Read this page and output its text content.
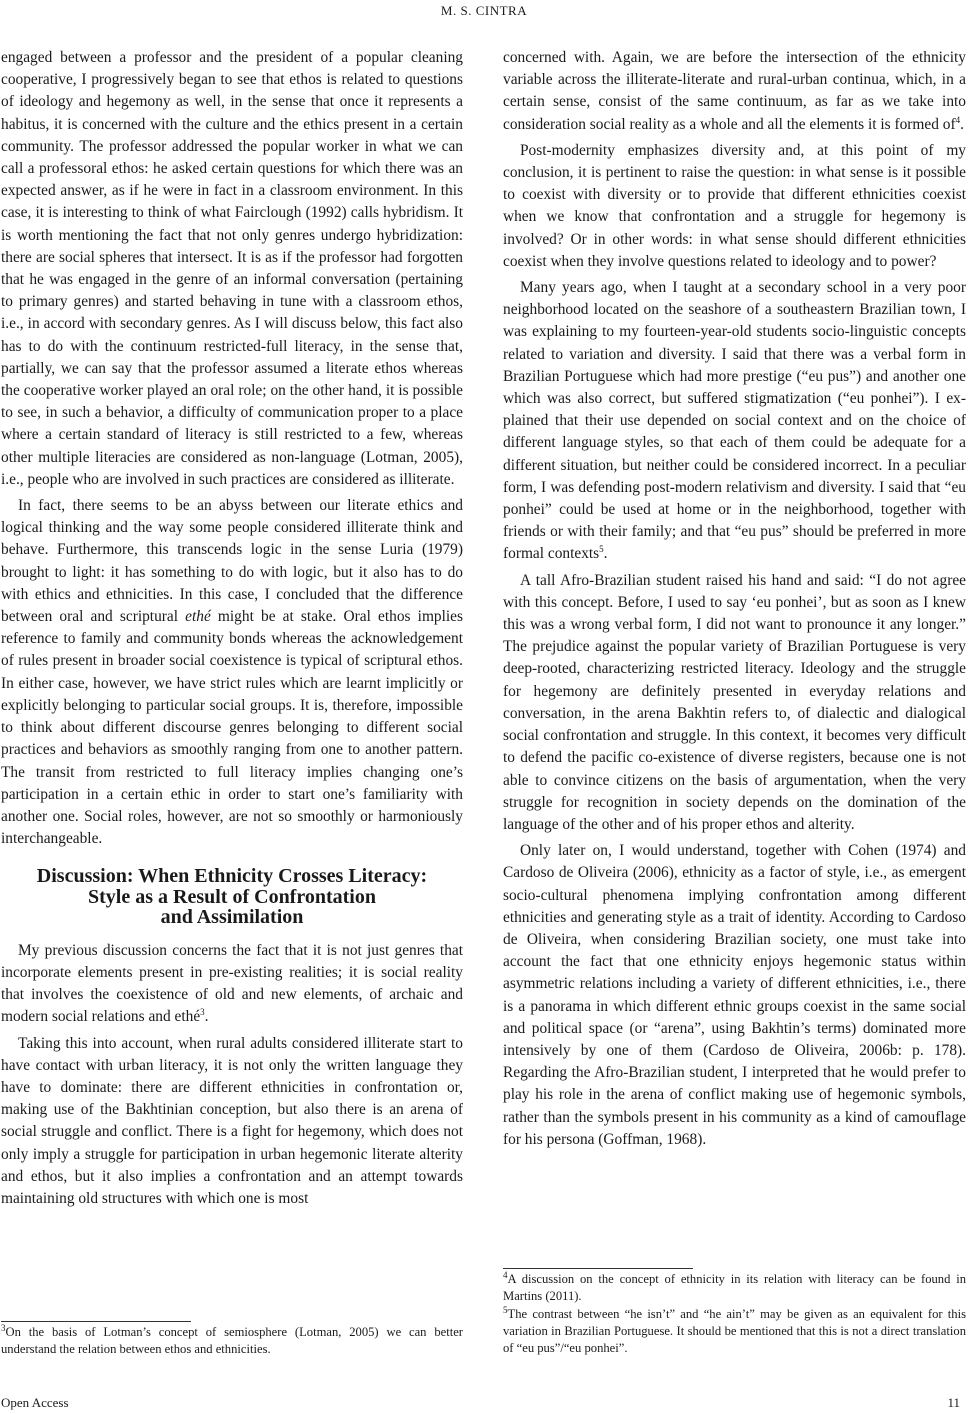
M. S. CINTRA

engaged between a professor and the president of a popular cleaning cooperative, I progressively began to see that ethos is related to questions of ideology and hegemony as well, in the sense that once it represents a habitus, it is concerned with the culture and the ethics present in a certain community. The professor addressed the popular worker in what we can call a professoral ethos: he asked certain questions for which there was an expected answer, as if he were in fact in a classroom environment. In this case, it is interesting to think of what Fairclough (1992) calls hybridism. It is worth mentioning the fact that not only genres undergo hybridization: there are social spheres that intersect. It is as if the professor had forgotten that he was engaged in the genre of an informal conversation (pertaining to primary genres) and started behaving in tune with a classroom ethos, i.e., in accord with secondary genres. As I will discuss below, this fact also has to do with the continuum restricted-full literacy, in the sense that, partially, we can say that the professor assumed a literate ethos whereas the cooperative worker played an oral role; on the other hand, it is possible to see, in such a behavior, a difficulty of communication proper to a place where a certain standard of literacy is still restricted to a few, whereas other multiple literacies are considered as non-language (Lotman, 2005), i.e., people who are involved in such practices are considered as illiterate.

In fact, there seems to be an abyss between our literate ethics and logical thinking and the way some people considered illiterate think and behave. Furthermore, this transcends logic in the sense Luria (1979) brought to light: it has something to do with logic, but it also has to do with ethics and ethnicities. In this case, I concluded that the difference between oral and scriptural ethé might be at stake. Oral ethos implies reference to family and community bonds whereas the acknowledgement of rules present in broader social coexistence is typical of scriptural ethos. In either case, however, we have strict rules which are learnt implicitly or explicitly belonging to particular social groups. It is, therefore, impossible to think about different discourse genres belonging to different social practices and behaviors as smoothly ranging from one to another pattern. The transit from restricted to full literacy implies changing one’s participation in a certain ethic in order to start one’s familiarity with another one. Social roles, however, are not so smoothly or harmoniously interchangeable.

Discussion: When Ethnicity Crosses Literacy:
Style as a Result of Confrontation
and Assimilation

My previous discussion concerns the fact that it is not just genres that incorporate elements present in pre-existing realities; it is social reality that involves the coexistence of old and new elements, of archaic and modern social relations and ethé$^3$.

Taking this into account, when rural adults considered illiterate start to have contact with urban literacy, it is not only the written language they have to dominate: there are different ethnicities in confrontation or, making use of the Bakhtinian conception, but also there is an arena of social struggle and conflict. There is a fight for hegemony, which does not only imply a struggle for participation in urban hegemonic literate alterity and ethos, but it also implies a confrontation and an attempt towards maintaining old structures with which one is most

$^3$On the basis of Lotman’s concept of semiosphere (Lotman, 2005) we can better understand the relation between ethos and ethnicities.

concerned with. Again, we are before the intersection of the ethnicity variable across the illiterate-literate and rural-urban continua, which, in a certain sense, consist of the same continuum, as far as we take into consideration social reality as a whole and all the elements it is formed $of^4$.

Post-modernity emphasizes diversity and, at this point of my conclusion, it is pertinent to raise the question: in what sense is it possible to coexist with diversity or to provide that different ethnicities coexist when we know that confrontation and a struggle for hegemony is involved? Or in other words: in what sense should different ethnicities coexist when they involve questions related to ideology and to power?

Many years ago, when I taught at a secondary school in a very poor neighborhood located on the seashore of a southeastern Brazilian town, I was explaining to my fourteen-year-old students socio-linguistic concepts related to variation and diversity. I said that there was a verbal form in Brazilian Portuguese which had more prestige (“eu pus”) and another one which was also correct, but suffered stigmatization (“eu ponhei”). I explained that their use depended on social context and on the choice of different language styles, so that each of them could be adequate for a different situation, but neither could be considered incorrect. In a peculiar form, I was defending post-modern relativism and diversity. I said that “eu ponhei” could be used at home or in the neighborhood, together with friends or with their family; and that “eu pus” should be preferred in more formal contexts$^5$.

A tall Afro-Brazilian student raised his hand and said: “I do not agree with this concept. Before, I used to say ‘eu ponhei’, but as soon as I knew this was a wrong verbal form, I did not want to pronounce it any longer.” The prejudice against the popular variety of Brazilian Portuguese is very deep-rooted, characterizing restricted literacy. Ideology and the struggle for hegemony are definitely presented in everyday relations and conversation, in the arena Bakhtin refers to, of dialectic and dialogical social confrontation and struggle. In this context, it becomes very difficult to defend the pacific co-existence of diverse registers, because one is not able to convince citizens on the basis of argumentation, when the very struggle for recognition in society depends on the domination of the language of the other and of his proper ethos and alterity.

Only later on, I would understand, together with Cohen (1974) and Cardoso de Oliveira (2006), ethnicity as a factor of style, i.e., as emergent socio-cultural phenomena implying confrontation among different ethnicities and generating style as a trait of identity. According to Cardoso de Oliveira, when considering Brazilian society, one must take into account the fact that one ethnicity enjoys hegemonic status within asymmetric relations including a variety of different ethnicities, i.e., there is a panorama in which different ethnic groups coexist in the same social and political space (or “arena”, using Bakhtin’s terms) dominated more intensively by one of them (Cardoso de Oliveira, 2006b: p. 178). Regarding the Afro-Brazilian student, I interpreted that he would prefer to play his role in the arena of conflict making use of hegemonic symbols, rather than the symbols present in his community as a kind of camouflage for his persona (Goffman, 1968).

$^4$A discussion on the concept of ethnicity in its relation with literacy can be found in Martins (2011).
$^5$The contrast between “he isn’t” and “he ain’t” may be given as an equivalent for this variation in Brazilian Portuguese. It should be mentioned that this is not a direct translation of “eu pus”/“eu ponhei”.
Open Access	11
